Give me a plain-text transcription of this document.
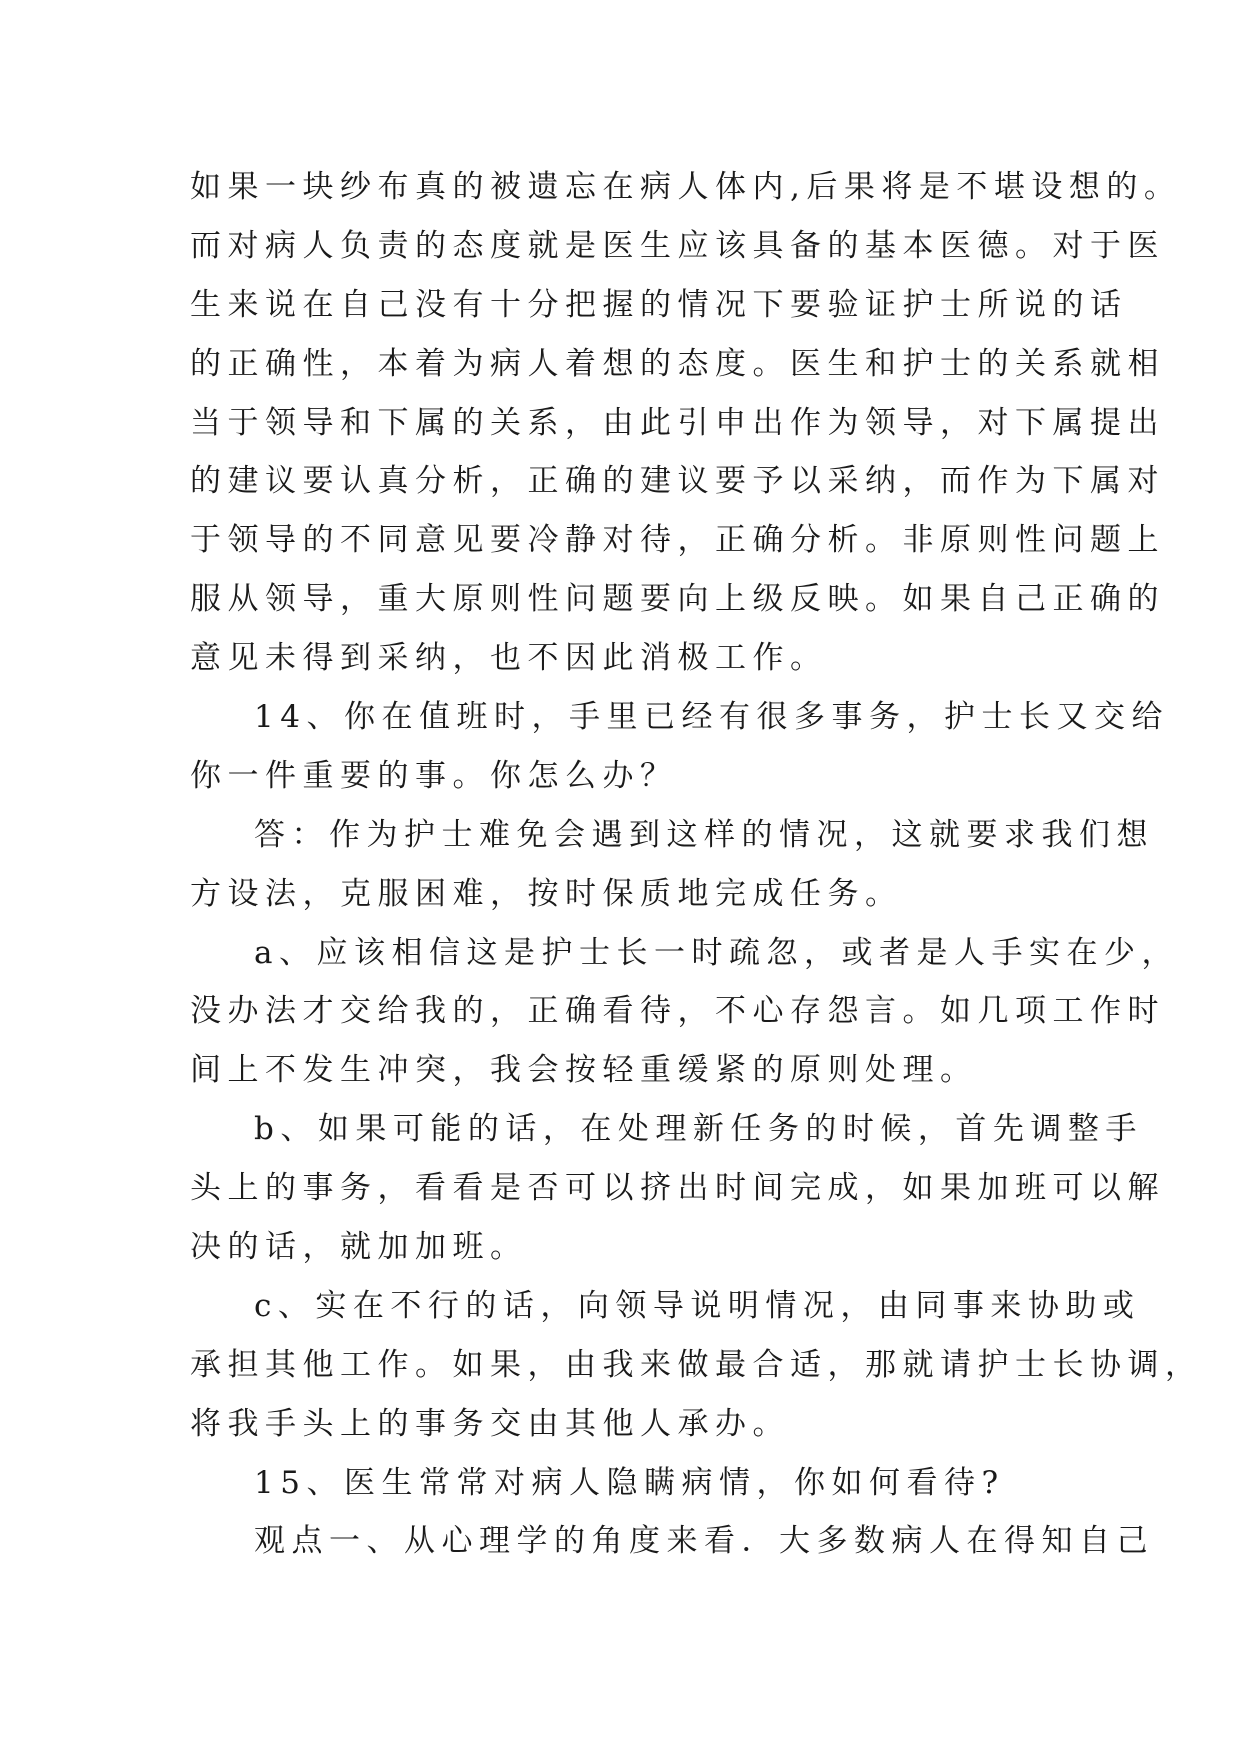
如果一块纱布真的被遗忘在病人体内,后果将是不堪设想的。
而对病人负责的态度就是医生应该具备的基本医德。对于医
生来说在自己没有十分把握的情况下要验证护士所说的话
的正确性，本着为病人着想的态度。医生和护士的关系就相
当于领导和下属的关系，由此引申出作为领导，对下属提出
的建议要认真分析，正确的建议要予以采纳，而作为下属对
于领导的不同意见要冷静对待，正确分析。非原则性问题上
服从领导，重大原则性问题要向上级反映。如果自己正确的
意见未得到采纳，也不因此消极工作。
14、你在值班时，手里已经有很多事务，护士长又交给
你一件重要的事。你怎么办？
答：作为护士难免会遇到这样的情况，这就要求我们想
方设法，克服困难，按时保质地完成任务。
a、应该相信这是护士长一时疏忽，或者是人手实在少，
没办法才交给我的，正确看待，不心存怨言。如几项工作时
间上不发生冲突，我会按轻重缓紧的原则处理。
b、如果可能的话，在处理新任务的时候，首先调整手
头上的事务，看看是否可以挤出时间完成，如果加班可以解
决的话，就加加班。
c、实在不行的话，向领导说明情况，由同事来协助或
承担其他工作。如果，由我来做最合适，那就请护士长协调，
将我手头上的事务交由其他人承办。
15、医生常常对病人隐瞒病情，你如何看待?
观点一、从心理学的角度来看．大多数病人在得知自己
